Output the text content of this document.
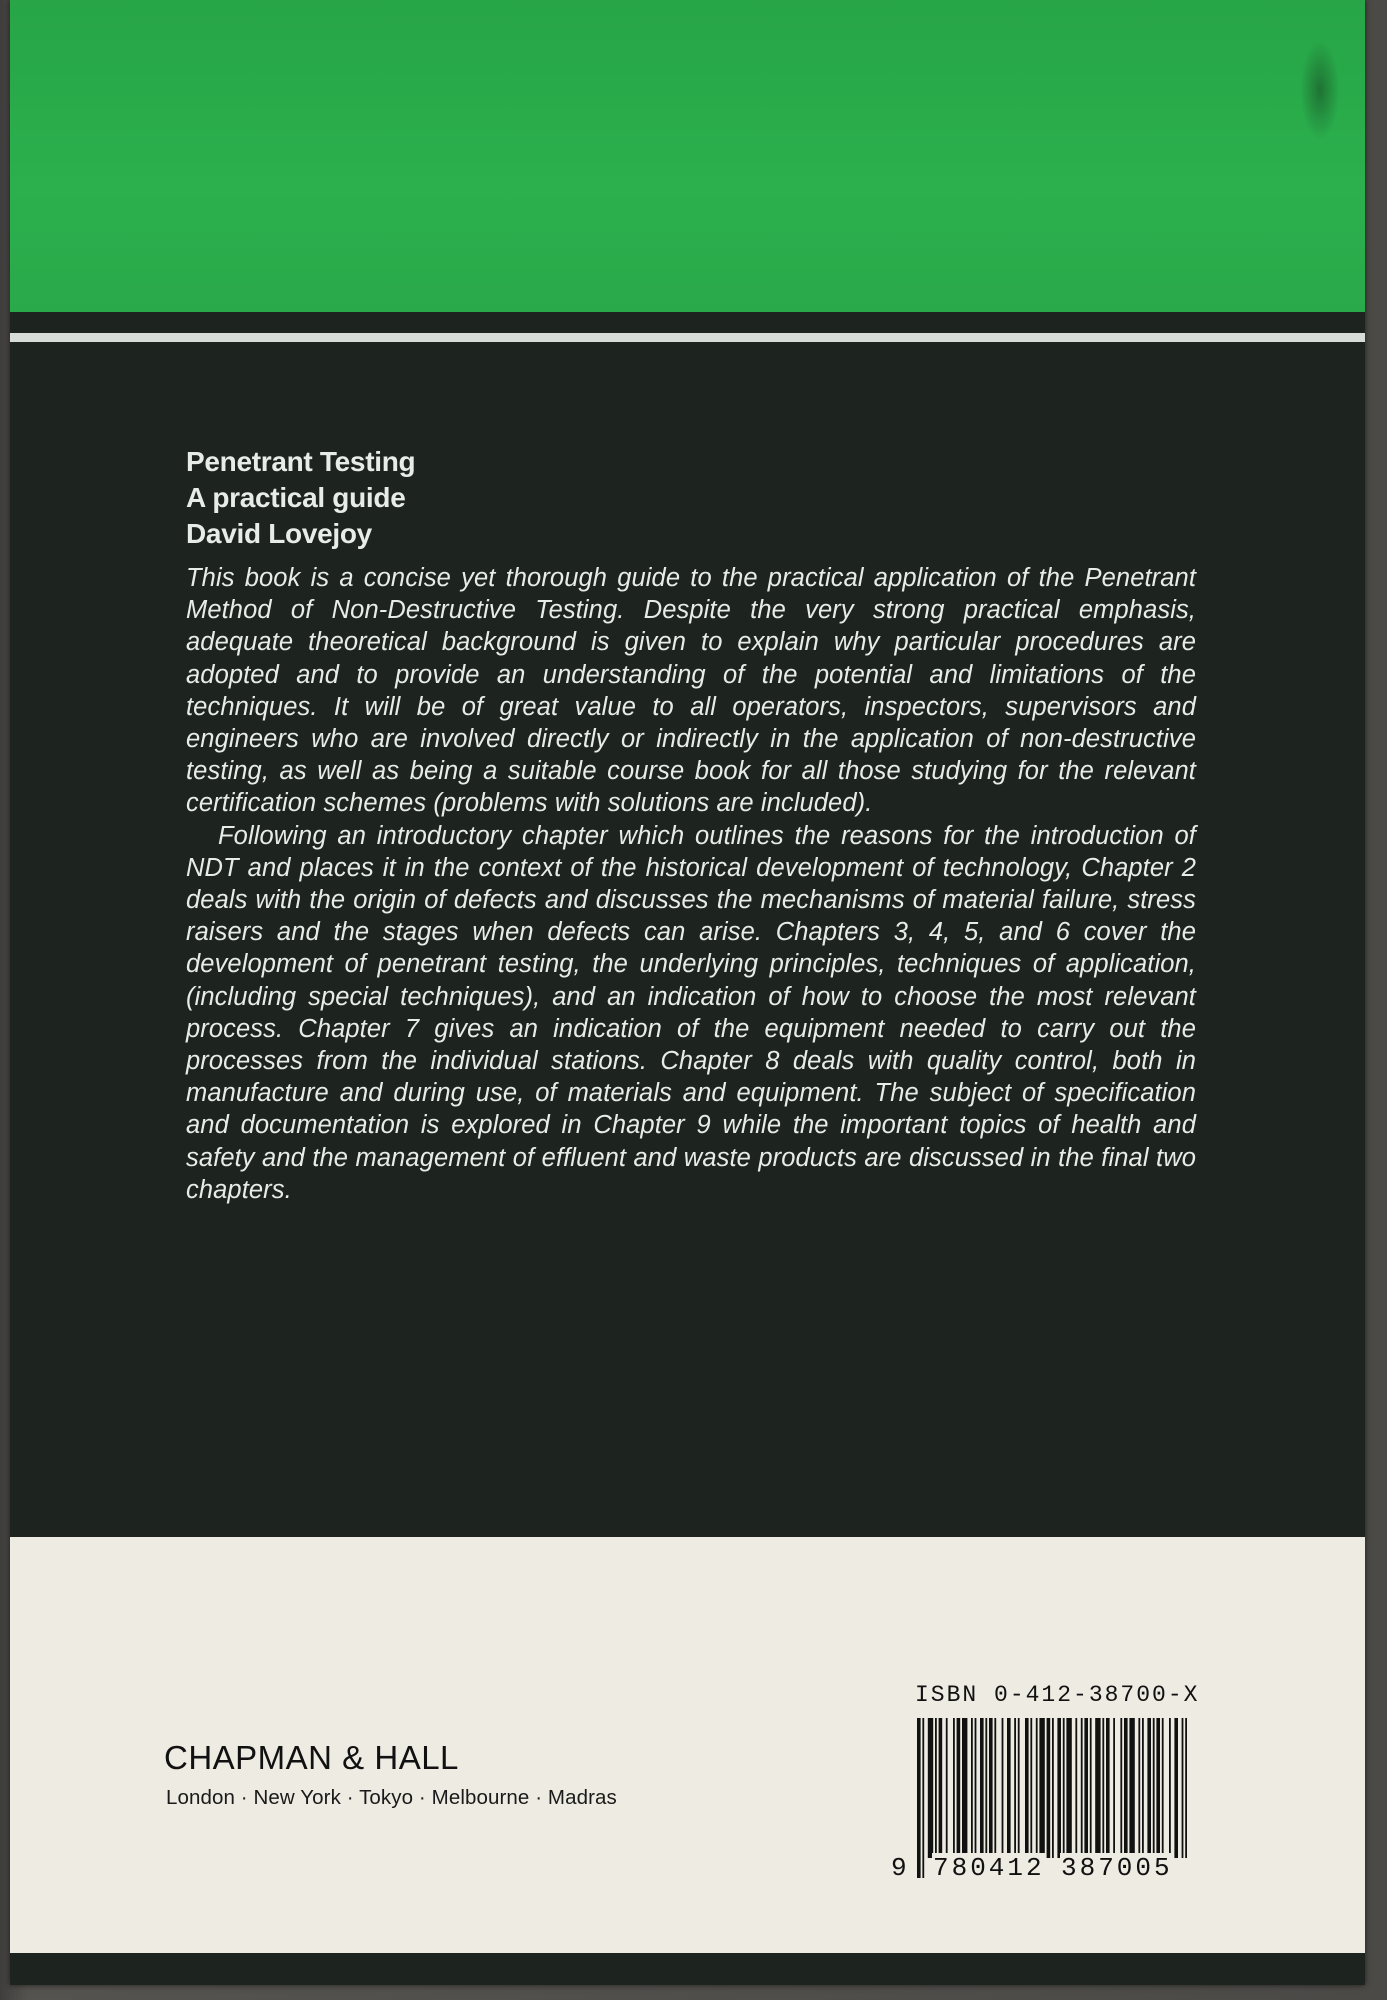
Penetrant Testing

A practical guide

David Lovejoy

This book is a concise yet thorough guide to the practical application of the Penetrant Method of Non-Destructive Testing. Despite the very strong practical emphasis, adequate theoretical background is given to explain why particular procedures are adopted and to provide an understanding of the potential and limitations of the techniques. It will be of great value to all operators, inspectors, supervisors and engineers who are involved directly or indirectly in the application of non-destructive testing, as well as being a suitable course book for all those studying for the relevant certification schemes (problems with solutions are included).

Following an introductory chapter which outlines the reasons for the introduction of NDT and places it in the context of the historical development of technology, Chapter 2 deals with the origin of defects and discusses the mechanisms of material failure, stress raisers and the stages when defects can arise. Chapters 3, 4, 5, and 6 cover the development of penetrant testing, the underlying principles, techniques of application, (including special techniques), and an indication of how to choose the most relevant process. Chapter 7 gives an indication of the equipment needed to carry out the processes from the individual stations. Chapter 8 deals with quality control, both in manufacture and during use, of materials and equipment. The subject of specification and documentation is explored in Chapter 9 while the important topics of health and safety and the management of effluent and waste products are discussed in the final two chapters.

CHAPMAN & HALL
London · New York · Tokyo · Melbourne · Madras
ISBN 0-412-38700-X
9 780412 387005
